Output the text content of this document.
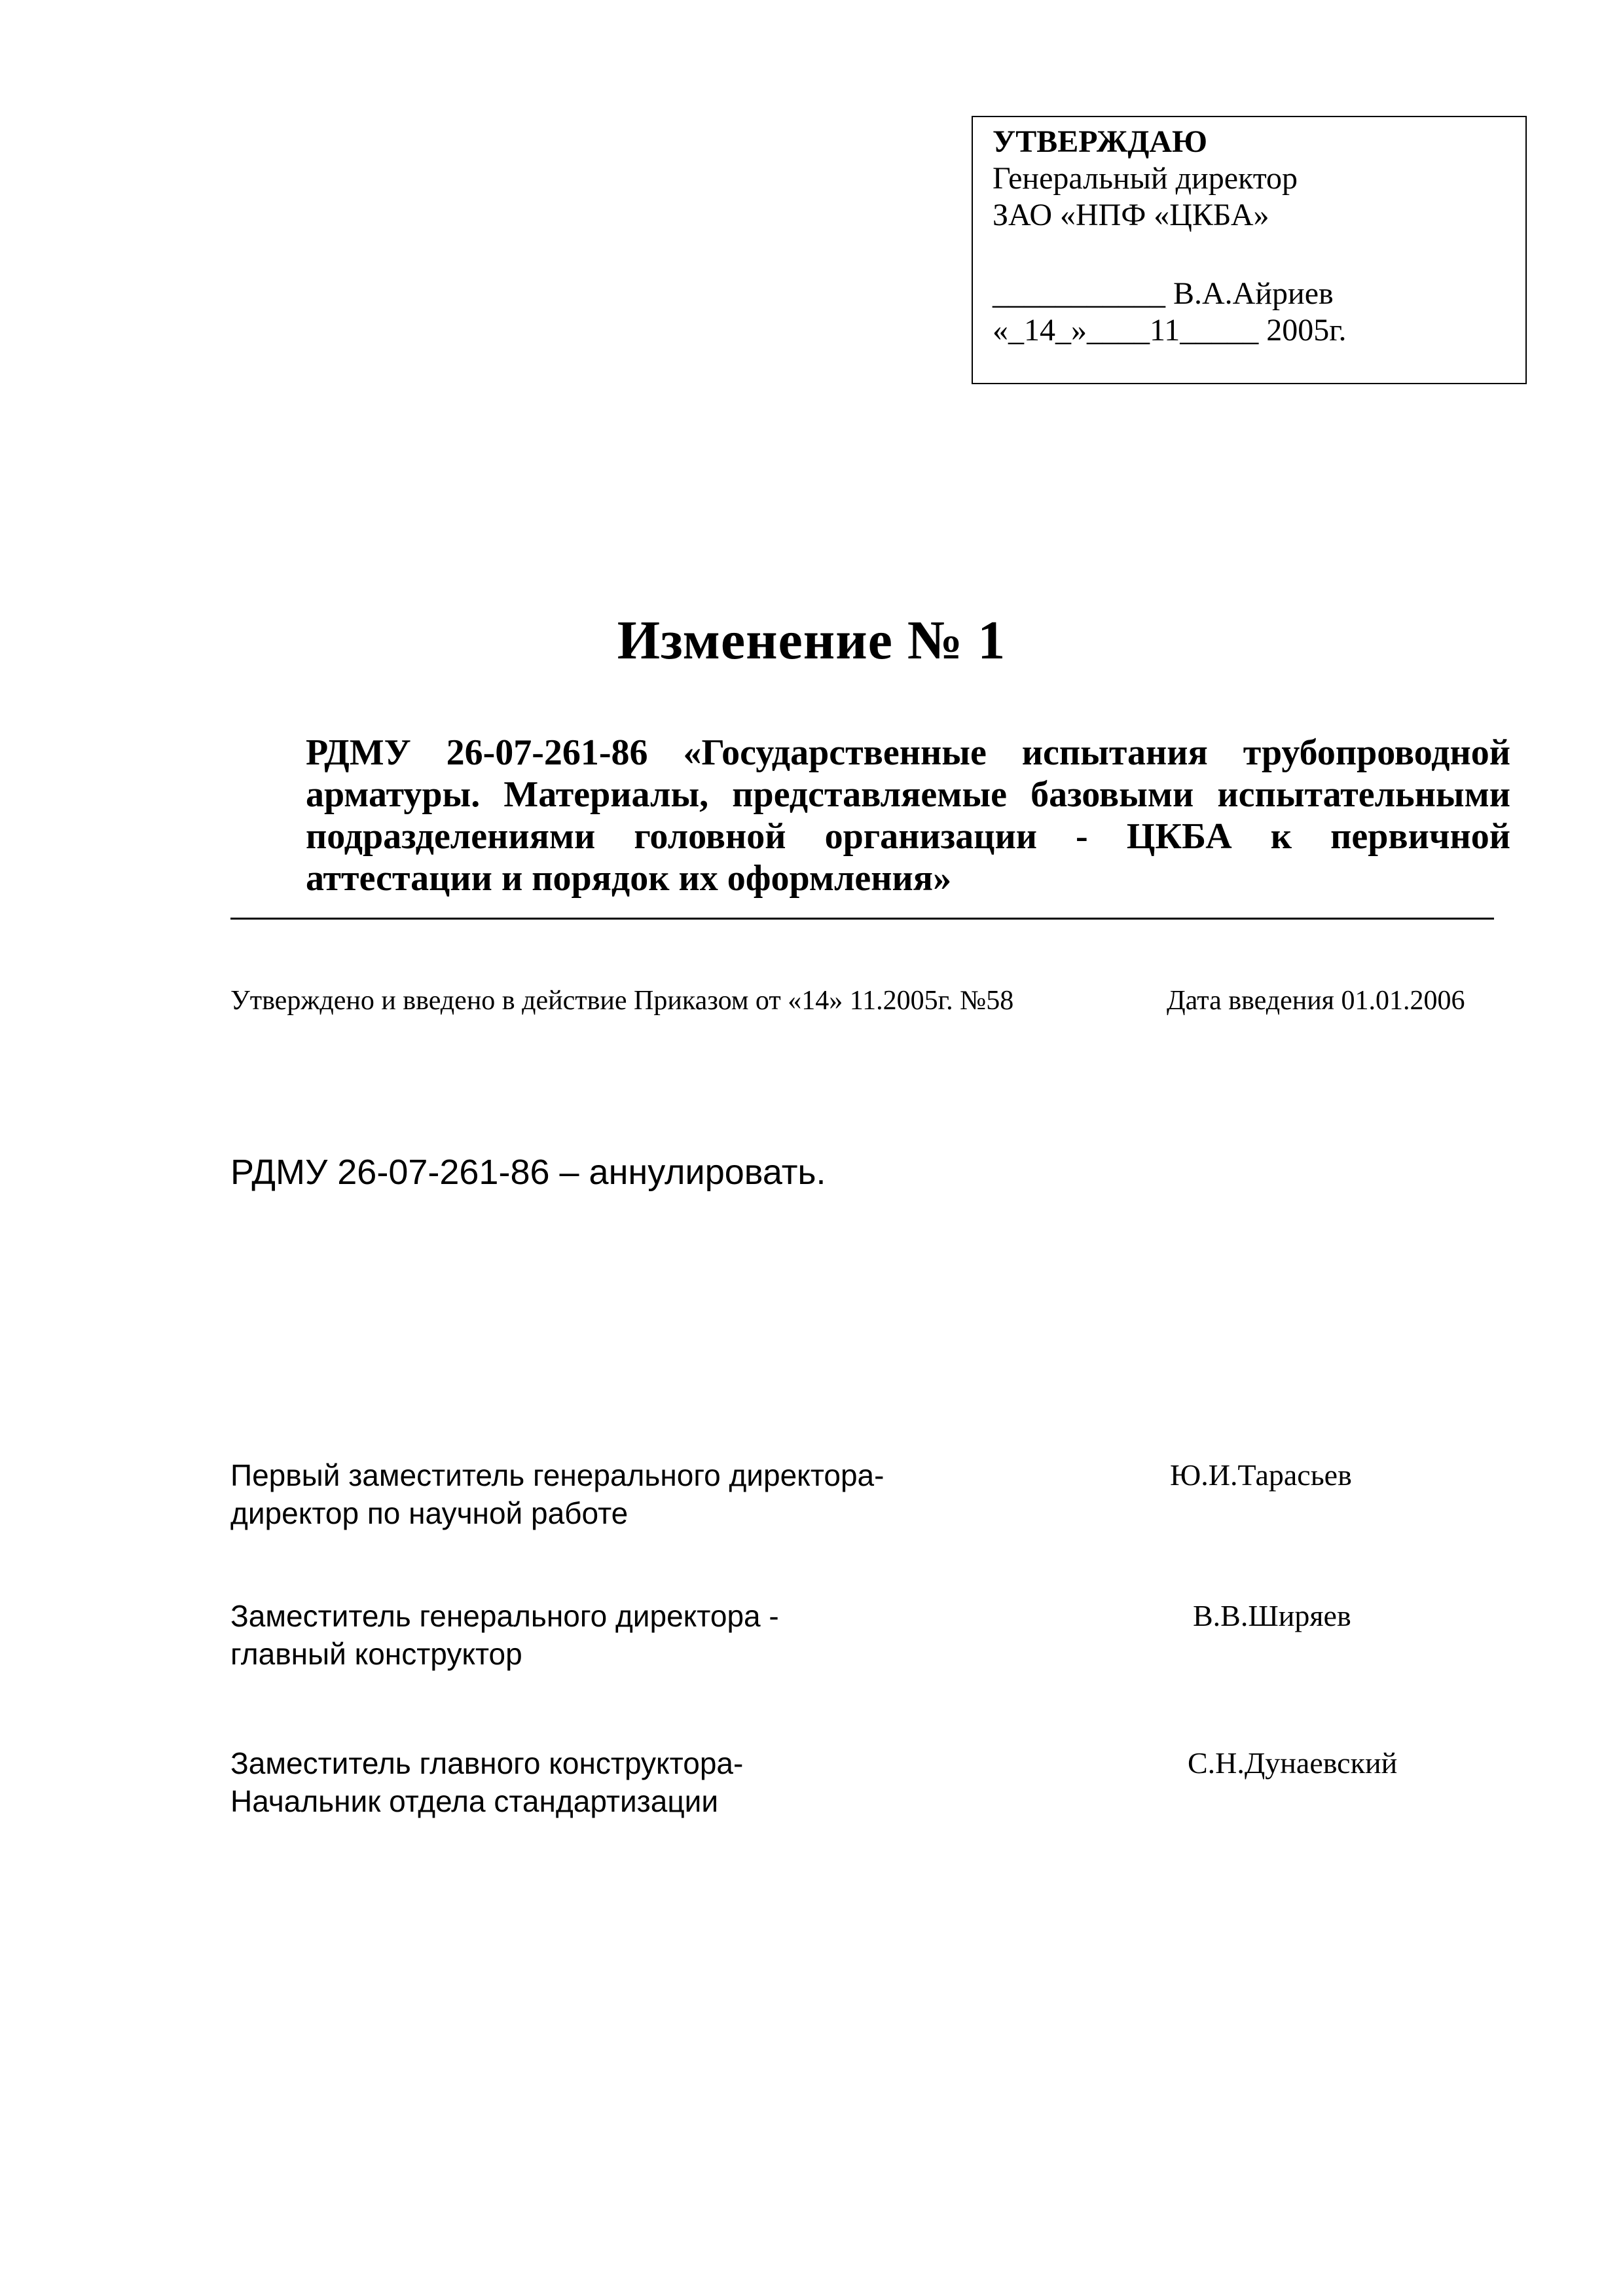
УТВЕРЖДАЮ
Генеральный директор
ЗАО «НПФ «ЦКБА»
___________ В.А.Айриев
«_14_»____11_____ 2005г.
Изменение № 1
РДМУ 26-07-261-86 «Государственные испытания трубопроводной арматуры. Материалы, представляемые базовыми испытательными подразделениями головной организации - ЦКБА к первичной аттестации и порядок их оформления»
Утверждено и введено в действие Приказом от «14» 11.2005г. №58	Дата введения 01.01.2006
РДМУ 26-07-261-86 – аннулировать.
Первый заместитель генерального директора-
директор по научной работе
Ю.И.Тарасьев
Заместитель генерального директора -
главный конструктор
В.В.Ширяев
Заместитель главного конструктора-
Начальник отдела стандартизации
С.Н.Дунаевский
